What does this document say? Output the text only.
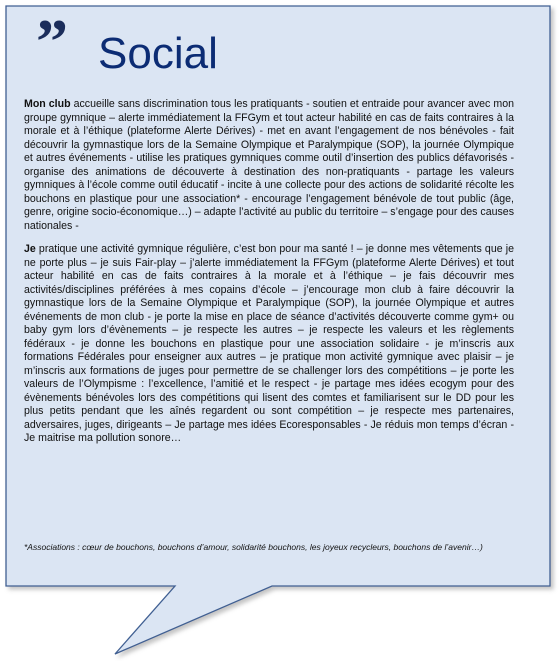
” Social

Mon club accueille sans discrimination tous les pratiquants - soutien et entraide pour avancer avec mon groupe gymnique – alerte immédiatement la FFGym et tout acteur habilité en cas de faits contraires à la morale et à l’éthique (plateforme Alerte Dérives) - met en avant l’engagement de nos bénévoles - fait découvrir la gymnastique lors de la Semaine Olympique et Paralympique (SOP), la journée Olympique et autres événements - utilise les pratiques gymniques comme outil d’insertion des publics défavorisés - organise des animations de découverte à destination des non-pratiquants - partage les valeurs gymniques à l’école comme outil éducatif - incite à une collecte pour des actions de solidarité récolte les bouchons en plastique pour une association* - encourage l’engagement bénévole de tout public (âge, genre, origine socio-économique…) – adapte l’activité au public du territoire – s’engage pour des causes nationales -

Je pratique une activité gymnique régulière, c’est bon pour ma santé ! – je donne mes vêtements que je ne porte plus – je suis Fair-play – j’alerte immédiatement la FFGym (plateforme Alerte Dérives) et tout acteur habilité en cas de faits contraires à la morale et à l’éthique – je fais découvrir mes activités/disciplines préférées à mes copains d’école – j’encourage mon club à faire découvrir la gymnastique lors de la Semaine Olympique et Paralympique (SOP), la journée Olympique et autres événements de mon club - je porte la mise en place de séance d’activités découverte comme gym+ ou baby gym lors d’évènements – je respecte les autres – je respecte les valeurs et les règlements fédéraux - je donne les bouchons en plastique pour une association solidaire - je m’inscris aux formations Fédérales pour enseigner aux autres – je pratique mon activité gymnique avec plaisir – je m’inscris aux formations de juges pour permettre de se challenger lors des compétitions – je porte les valeurs de l’Olympisme : l’excellence, l’amitié et le respect - je partage mes idées ecogym pour des évènements bénévoles lors des compétitions qui lisent des comtes et familiarisent sur le DD pour les plus petits pendant que les aînés regardent ou sont compétition – je respecte mes partenaires, adversaires, juges, dirigeants – Je partage mes idées Ecoresponsables - Je réduis mon temps d’écran - Je maitrise ma pollution sonore…

*Associations : cœur de bouchons, bouchons d’amour, solidarité bouchons, les joyeux recycleurs, bouchons de l’avenir…)
